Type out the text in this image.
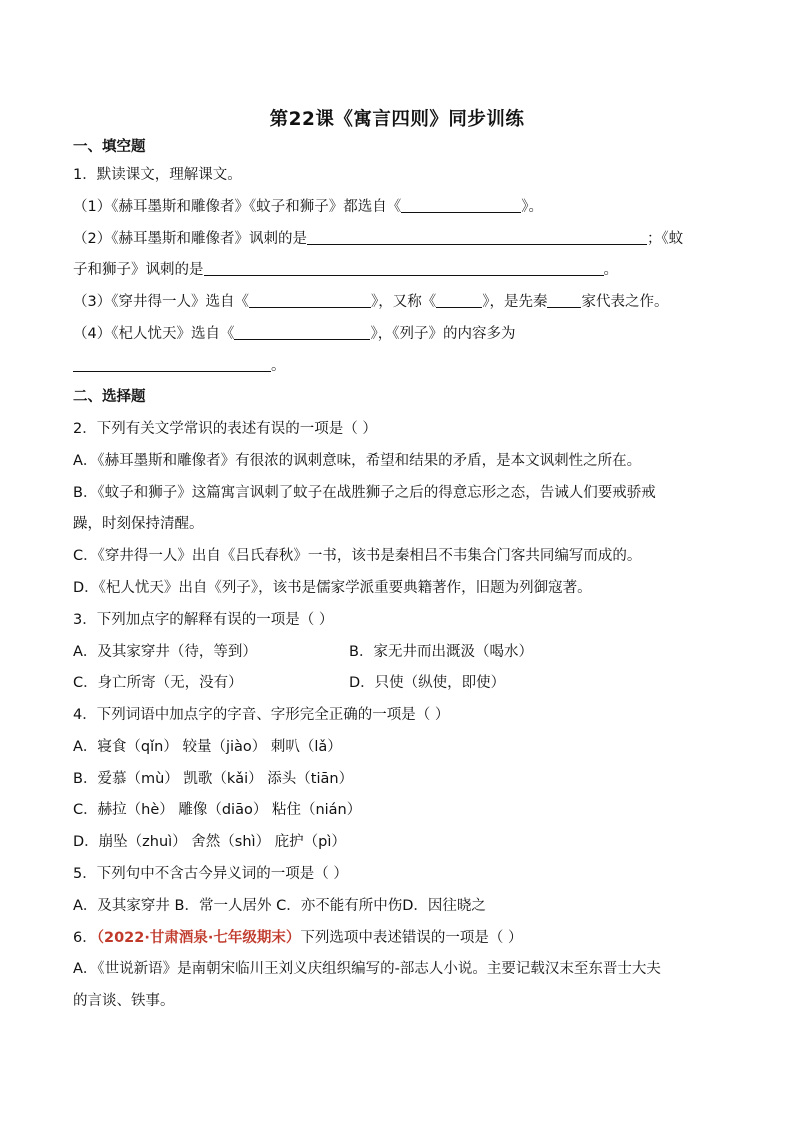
第22课《寓言四则》同步训练
一、填空题
1．默读课文，理解课文。
（1）《赫耳墨斯和雕像者》《蚊子和狮子》都选自《	》。
（2）《赫耳墨斯和雕像者》讽刺的是	；《蚊
子和狮子》讽刺的是	。
（3）《穿井得一人》选自《	》，又称《	》，是先秦 家代表之作。
（4）《杞人忧天》选自《	》，《列子》的内容多为
。
二、选择题
2．下列有关文学常识的表述有误的一项是（ ）
A．《赫耳墨斯和雕像者》有很浓的讽刺意味，希望和结果的矛盾，是本文讽刺性之所在。
B．《蚊子和狮子》这篇寓言讽刺了蚊子在战胜狮子之后的得意忘形之态，告诫人们要戒骄戒
躁，时刻保持清醒。
C．《穿井得一人》出自《吕氏春秋》一书，该书是秦相吕不韦集合门客共同编写而成的。
D．《杞人忧天》出自《列子》，该书是儒家学派重要典籍著作，旧题为列御寇著。
3．下列加点字的解释有误的一项是（ ）
A．及其家穿井（待，等到）	B．家无井而出溉汲（喝水）
C．身亡所寄（无，没有）	D．只使（纵使，即使）
4．下列词语中加点字的字音、字形完全正确的一项是（ ）
A．寝食（qǐn） 较量（jiào） 刺叭（lǎ）
B．爱慕（mù） 凯歌（kǎi） 添头（tiān）
C．赫拉（hè） 雕像（diāo） 粘住（nián）
D．崩坠（zhuì） 舍然（shì） 庇护（pì）
5．下列句中不含古今异义词的一项是（ ）
A．及其家穿井 B．常一人居外 C．亦不能有所中伤D．因往晓之
6．（2022·甘肃酒泉·七年级期末）下列选项中表述错误的一项是（ ）
A．《世说新语》是南朝宋临川王刘义庆组织编写的-部志人小说。主要记载汉末至东晋士大夫
的言谈、铁事。
